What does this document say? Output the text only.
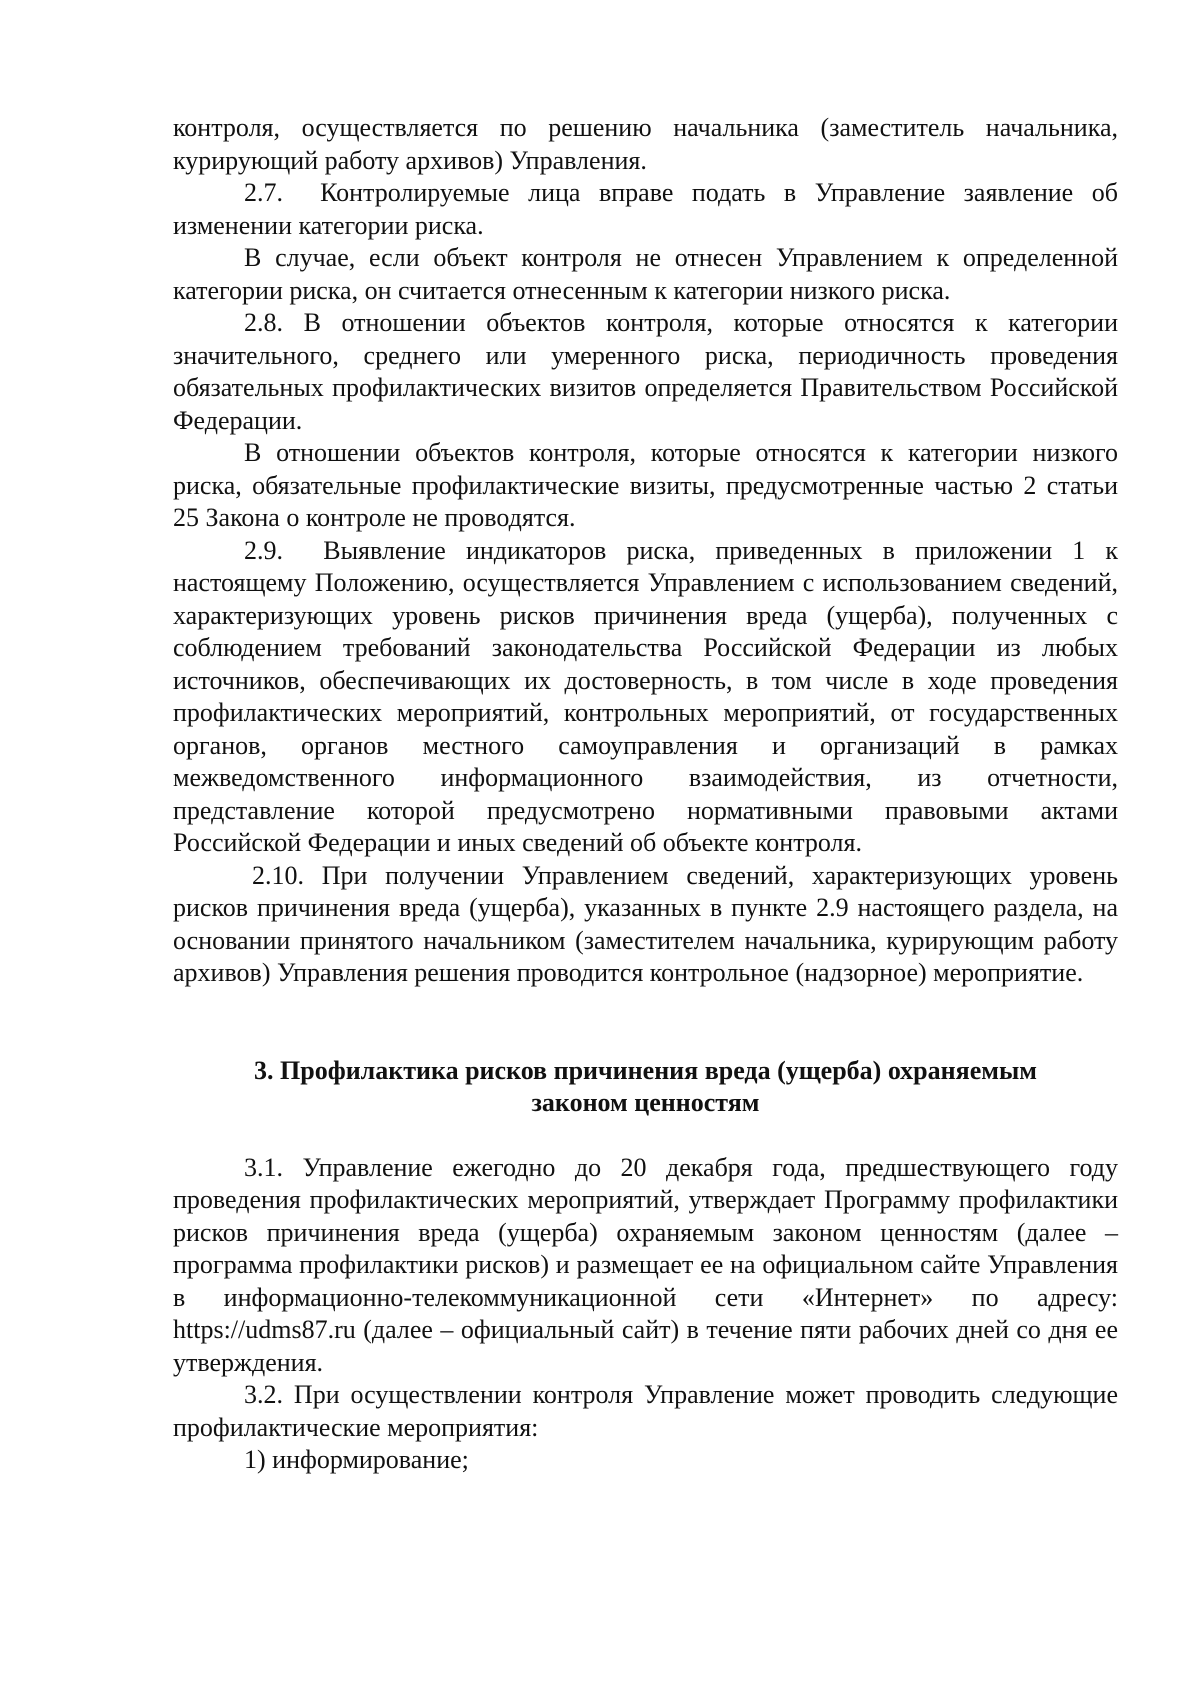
контроля, осуществляется по решению начальника (заместитель начальника, курирующий работу архивов) Управления.

2.7.  Контролируемые лица вправе подать в Управление заявление об изменении категории риска.

В случае, если объект контроля не отнесен Управлением к определенной категории риска, он считается отнесенным к категории низкого риска.

2.8. В отношении объектов контроля, которые относятся к категории значительного, среднего или умеренного риска, периодичность проведения обязательных профилактических визитов определяется Правительством Российской Федерации.

В отношении объектов контроля, которые относятся к категории низкого риска, обязательные профилактические визиты, предусмотренные частью 2 статьи 25 Закона о контроле не проводятся.

2.9.  Выявление индикаторов риска, приведенных в приложении 1 к настоящему Положению, осуществляется Управлением с использованием сведений, характеризующих уровень рисков причинения вреда (ущерба), полученных с соблюдением требований законодательства Российской Федерации из любых источников, обеспечивающих их достоверность, в том числе в ходе проведения профилактических мероприятий, контрольных мероприятий, от государственных органов, органов местного самоуправления и организаций в рамках межведомственного информационного взаимодействия, из отчетности, представление которой предусмотрено нормативными правовыми актами Российской Федерации и иных сведений об объекте контроля.

2.10. При получении Управлением сведений, характеризующих уровень рисков причинения вреда (ущерба), указанных в пункте 2.9 настоящего раздела, на основании принятого начальником (заместителем начальника, курирующим работу архивов) Управления решения проводится контрольное (надзорное) мероприятие.

3. Профилактика рисков причинения вреда (ущерба) охраняемым законом ценностям

3.1. Управление ежегодно до 20 декабря года, предшествующего году проведения профилактических мероприятий, утверждает Программу профилактики рисков причинения вреда (ущерба) охраняемым законом ценностям (далее – программа профилактики рисков) и размещает ее на официальном сайте Управления в информационно-телекоммуникационной сети «Интернет» по адресу: https://udms87.ru (далее – официальный сайт) в течение пяти рабочих дней со дня ее утверждения.

3.2. При осуществлении контроля Управление может проводить следующие профилактические мероприятия:

1) информирование;
